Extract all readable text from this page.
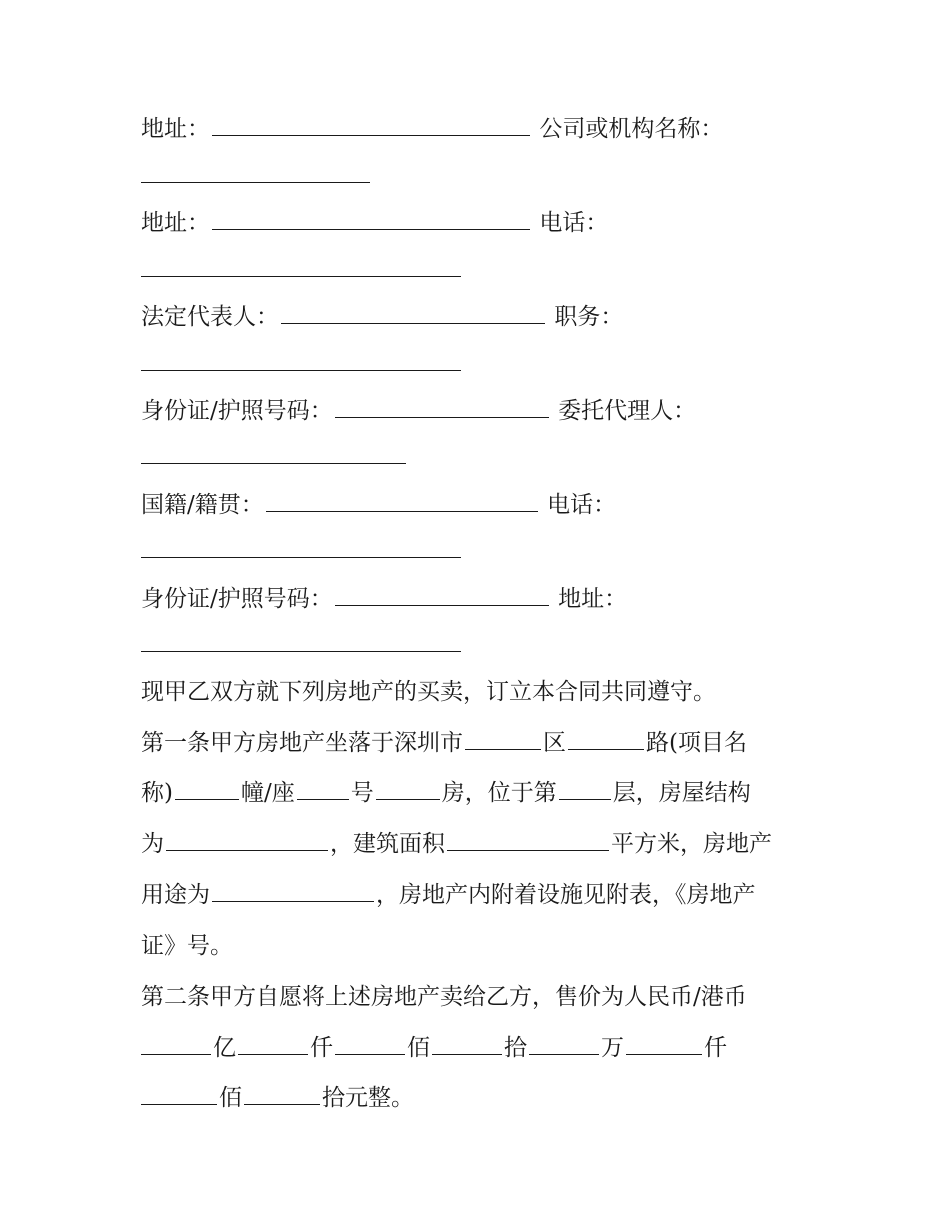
地址：	公司或机构名称：
地址：	电话：
法定代表人：	职务：
身份证/护照号码：	委托代理人：
国籍/籍贯：	电话：
身份证/护照号码：	地址：
现甲乙双方就下列房地产的买卖，订立本合同共同遵守。
第一条甲方房地产坐落于深圳市	区	路(项目名
称)	幢/座 号	房，位于第 层，房屋结构
为	，建筑面积	平方米，房地产
用途为	，房地产内附着设施见附表，《房地产
证》号。
第二条甲方自愿将上述房地产卖给乙方，售价为人民币/港币
亿	仟	佰	拾	万	仟
佰	拾元整。
